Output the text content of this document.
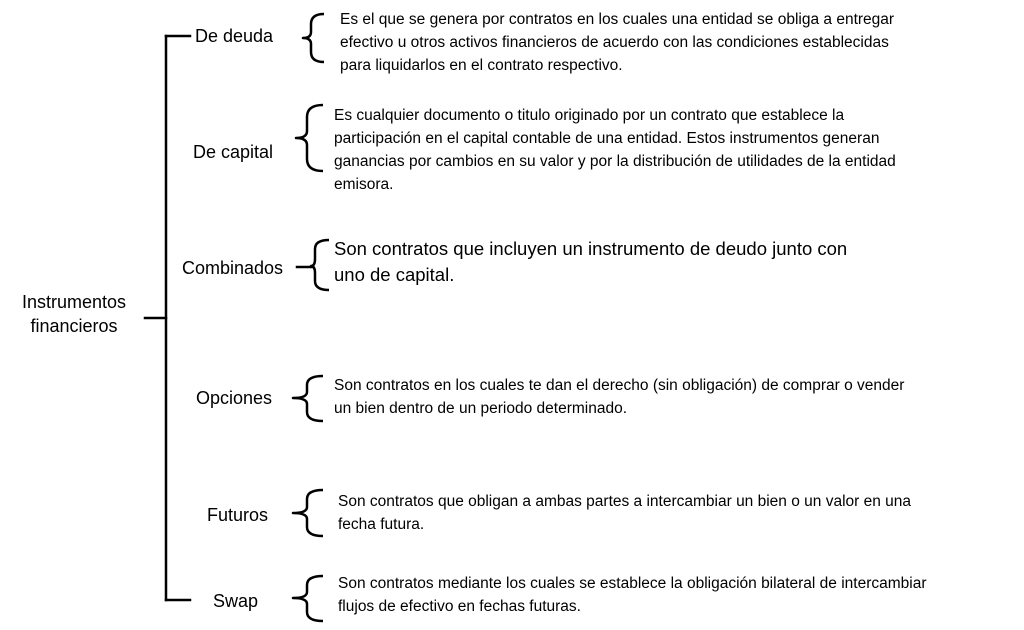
Instrumentos
financieros
De deuda
Es el que se genera por contratos en los cuales una entidad se obliga a entregar
efectivo u otros activos financieros de acuerdo con las condiciones establecidas
para liquidarlos en el contrato respectivo.
De capital
Es cualquier documento o titulo originado por un contrato que establece la
participación en el capital contable de una entidad. Estos instrumentos generan
ganancias por cambios en su valor y por la distribución de utilidades de la entidad
emisora.
Combinados
Son contratos que incluyen un instrumento de deudo junto con
uno de capital.
Opciones
Son contratos en los cuales te dan el derecho (sin obligación) de comprar o vender
un bien dentro de un periodo determinado.
Futuros
Son contratos que obligan a ambas partes a intercambiar un bien o un valor en una
fecha futura.
Swap
Son contratos mediante los cuales se establece la obligación bilateral de intercambiar
flujos de efectivo en fechas futuras.
